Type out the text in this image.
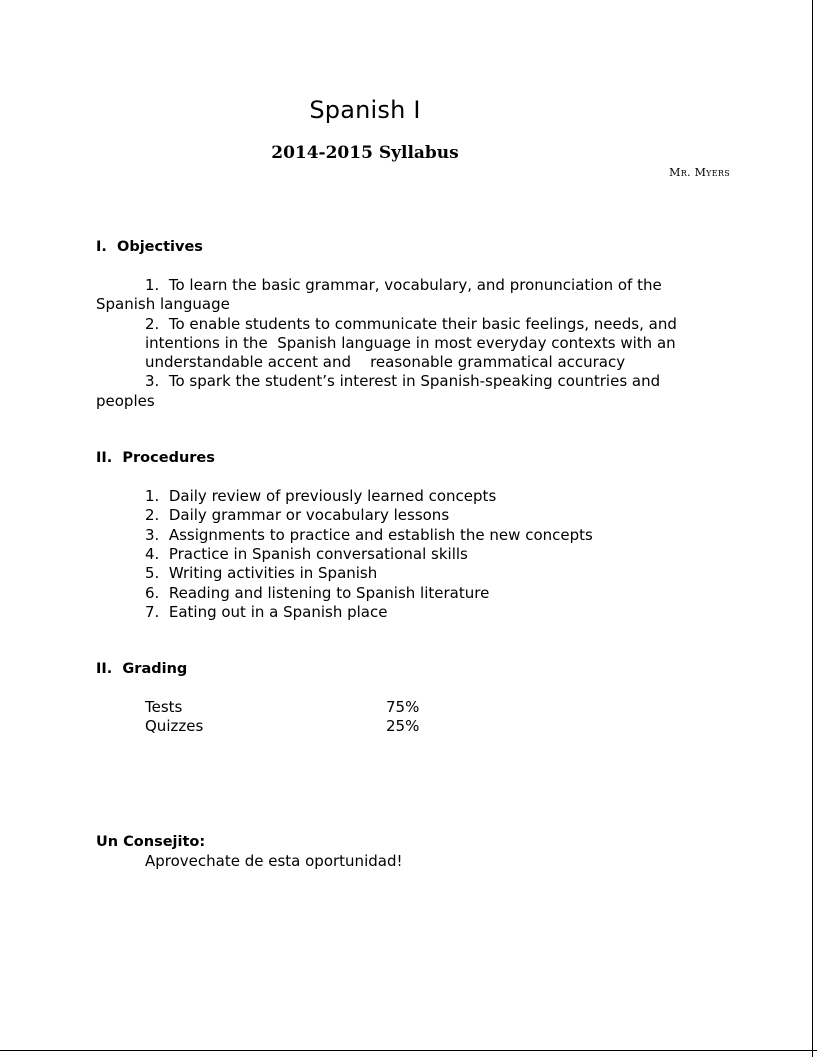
Spanish I
2014-2015 Syllabus
Mr. Myers

I.  Objectives

1.  To learn the basic grammar, vocabulary, and pronunciation of the
Spanish language

2.  To enable students to communicate their basic feelings, needs, and

intentions in the  Spanish language in most everyday contexts with an
understandable accent and    reasonable grammatical accuracy

3.  To spark the student’s interest in Spanish-speaking countries and
peoples

II.  Procedures

1.  Daily review of previously learned concepts

2.  Daily grammar or vocabulary lessons

3.  Assignments to practice and establish the new concepts

4.  Practice in Spanish conversational skills

5.  Writing activities in Spanish

6.  Reading and listening to Spanish literature

7.  Eating out in a Spanish place

II.  Grading

Tests	75%
Quizzes	25%

Un Consejito:

Aprovechate de esta oportunidad!
